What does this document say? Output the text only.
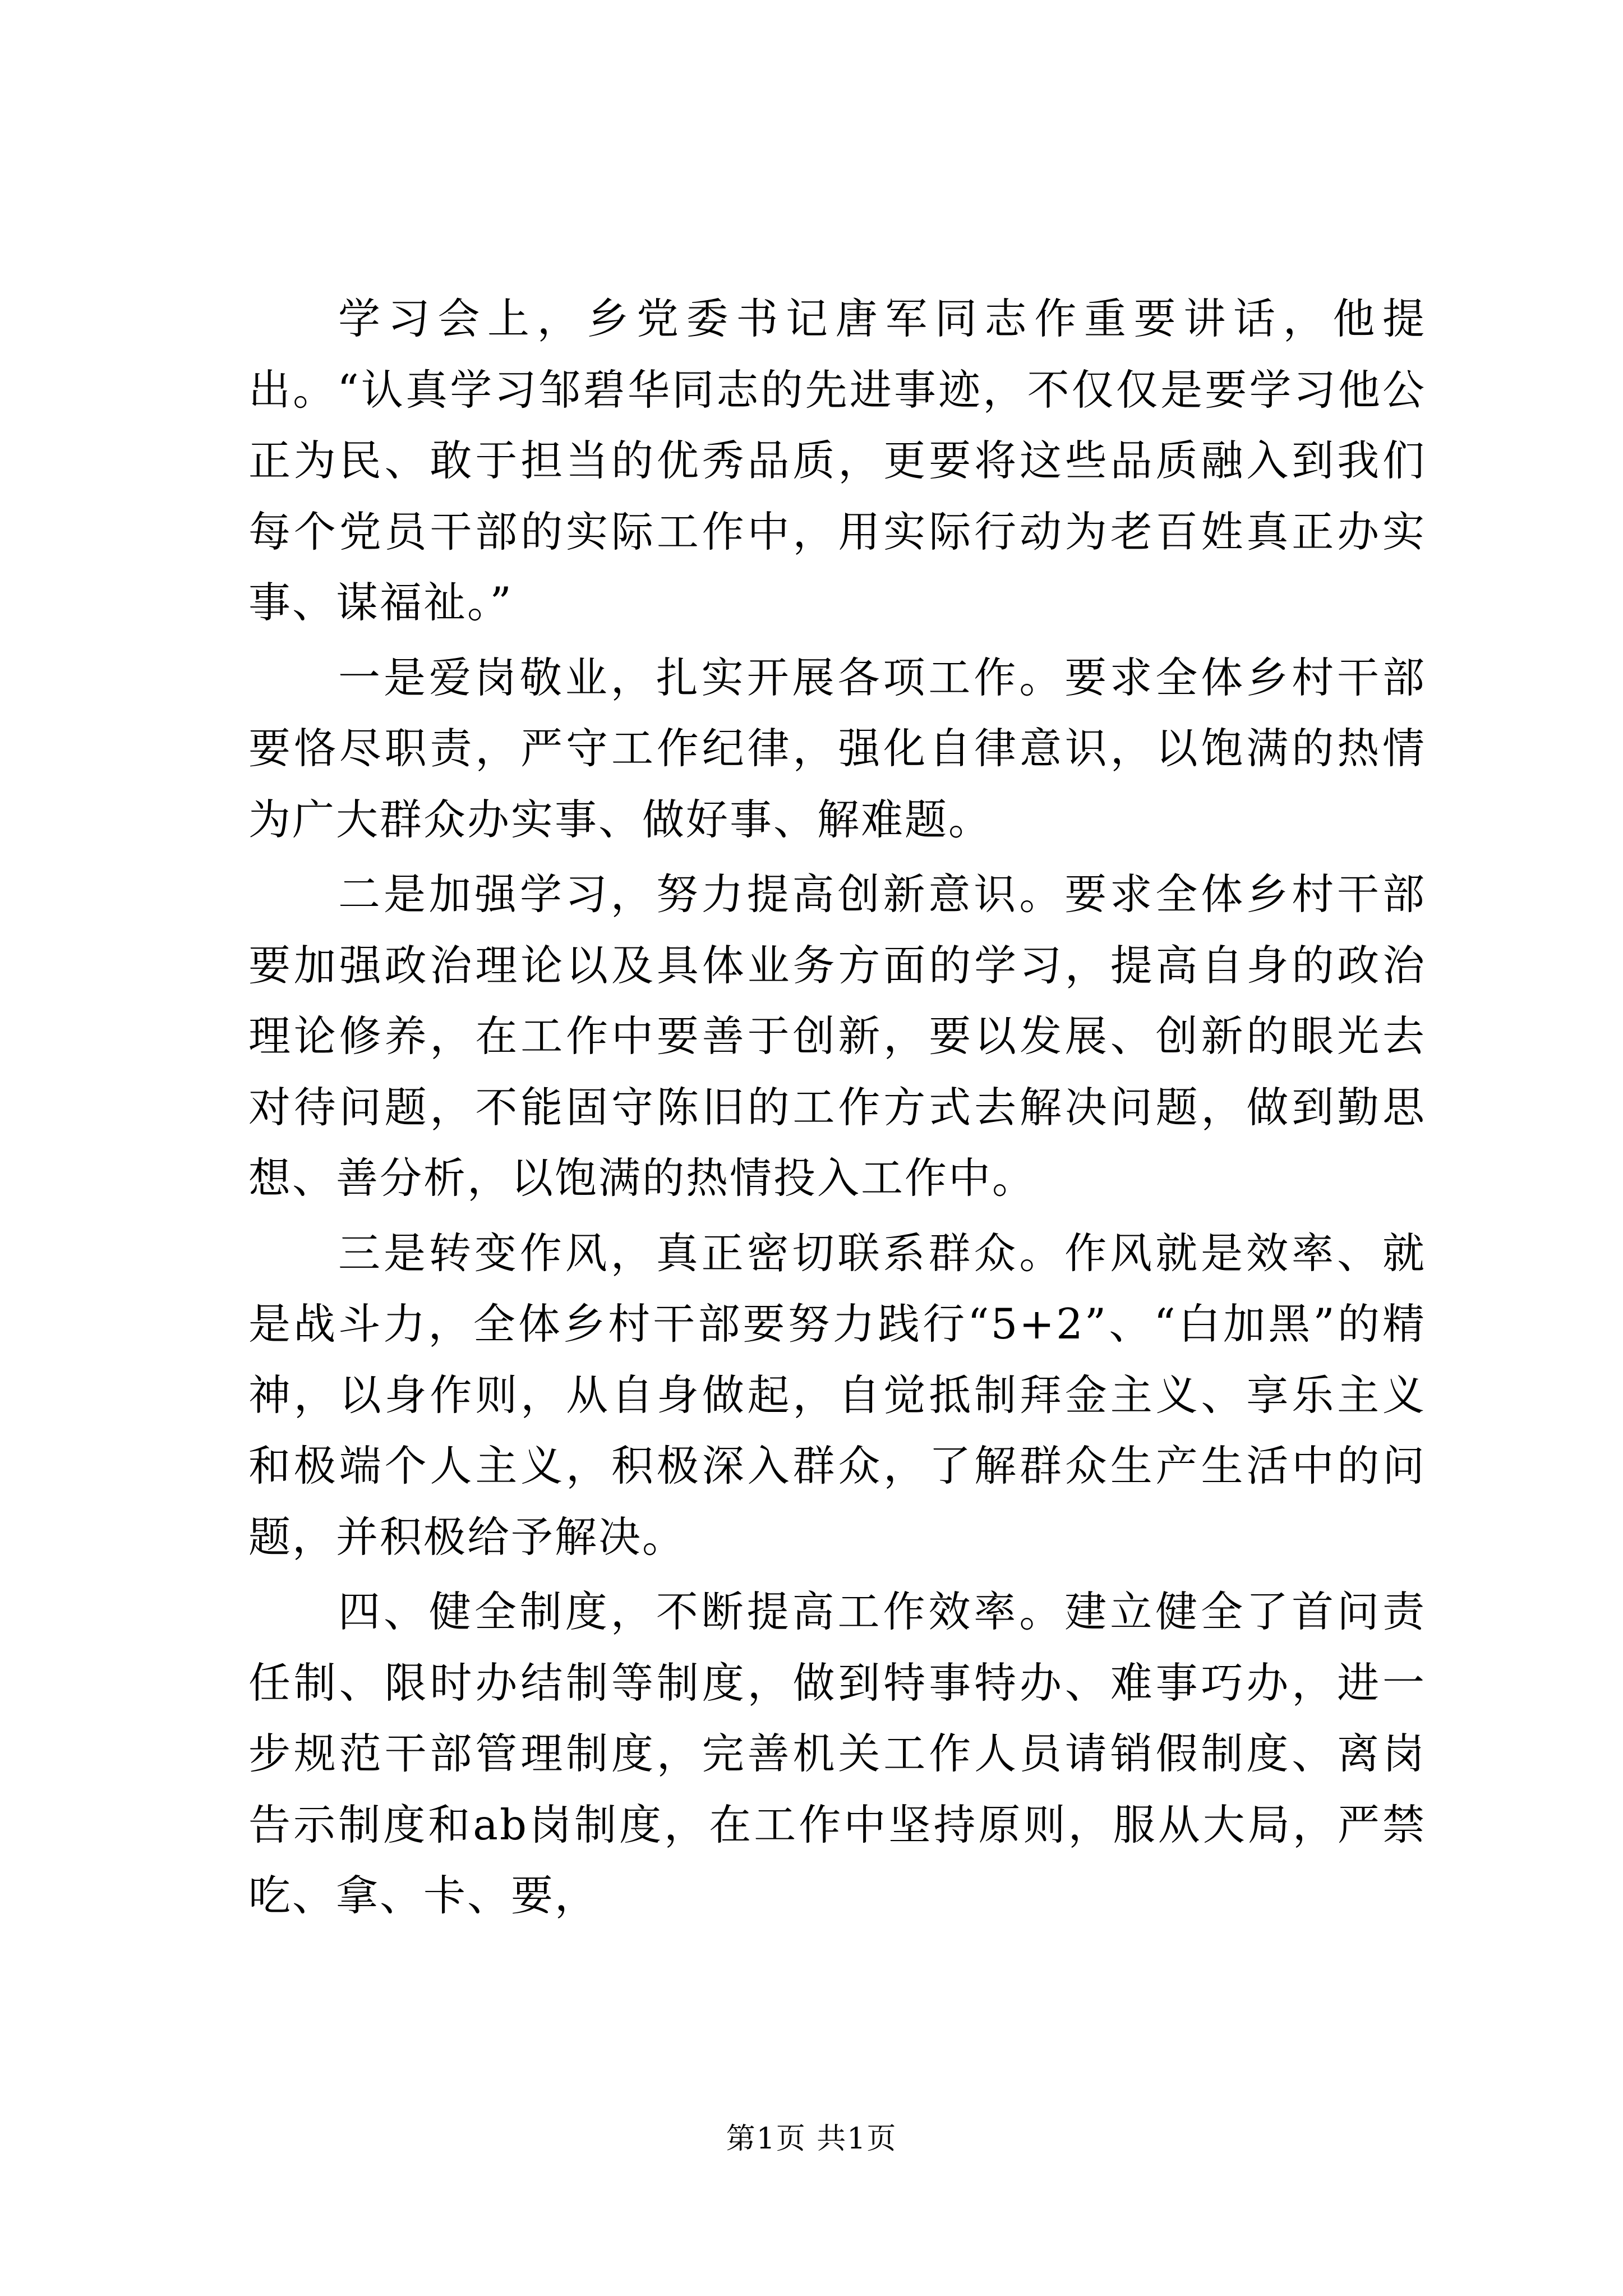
学习会上，乡党委书记唐军同志作重要讲话，他提出。“认真学习邹碧华同志的先进事迹，不仅仅是要学习他公正为民、敢于担当的优秀品质，更要将这些品质融入到我们每个党员干部的实际工作中，用实际行动为老百姓真正办实事、谋福祉。”

一是爱岗敬业，扎实开展各项工作。要求全体乡村干部要恪尽职责，严守工作纪律，强化自律意识，以饱满的热情为广大群众办实事、做好事、解难题。

二是加强学习，努力提高创新意识。要求全体乡村干部要加强政治理论以及具体业务方面的学习，提高自身的政治理论修养，在工作中要善于创新，要以发展、创新的眼光去对待问题，不能固守陈旧的工作方式去解决问题，做到勤思想、善分析，以饱满的热情投入工作中。

三是转变作风，真正密切联系群众。作风就是效率、就是战斗力，全体乡村干部要努力践行“5+2”、“白加黑”的精神，以身作则，从自身做起，自觉抵制拜金主义、享乐主义和极端个人主义，积极深入群众，了解群众生产生活中的问题，并积极给予解决。

四、健全制度，不断提高工作效率。建立健全了首问责任制、限时办结制等制度，做到特事特办、难事巧办，进一步规范干部管理制度，完善机关工作人员请销假制度、离岗告示制度和ab岗制度，在工作中坚持原则，服从大局，严禁吃、拿、卡、要，

第1页 共1页
